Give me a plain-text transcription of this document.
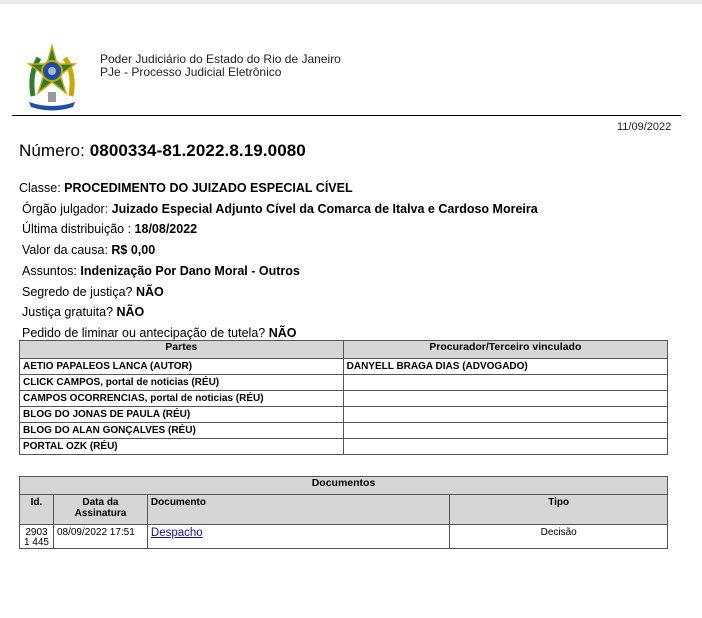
Poder Judiciário do Estado do Rio de Janeiro
PJe - Processo Judicial Eletrônico
11/09/2022
Número: 0800334-81.2022.8.19.0080
Classe: PROCEDIMENTO DO JUIZADO ESPECIAL CÍVEL
Órgão julgador: Juizado Especial Adjunto Cível da Comarca de Italva e Cardoso Moreira
Última distribuição : 18/08/2022
Valor da causa: R$ 0,00
Assuntos: Indenização Por Dano Moral - Outros
Segredo de justiça? NÃO
Justiça gratuita? NÃO
Pedido de liminar ou antecipação de tutela? NÃO
Partes	Procurador/Terceiro vinculado
AETIO PAPALEOS LANCA (AUTOR)	DANYELL BRAGA DIAS (ADVOGADO)
CLICK CAMPOS, portal de noticias (RÉU)	
CAMPOS OCORRENCIAS, portal de noticias (RÉU)	
BLOG DO JONAS DE PAULA (RÉU)	
BLOG DO ALAN GONÇALVES (RÉU)	
PORTAL OZK (RÉU)	
Documentos			
Id.	Data da Assinatura	Documento	Tipo
29031 445	08/09/2022 17:51	Despacho	Decisão
